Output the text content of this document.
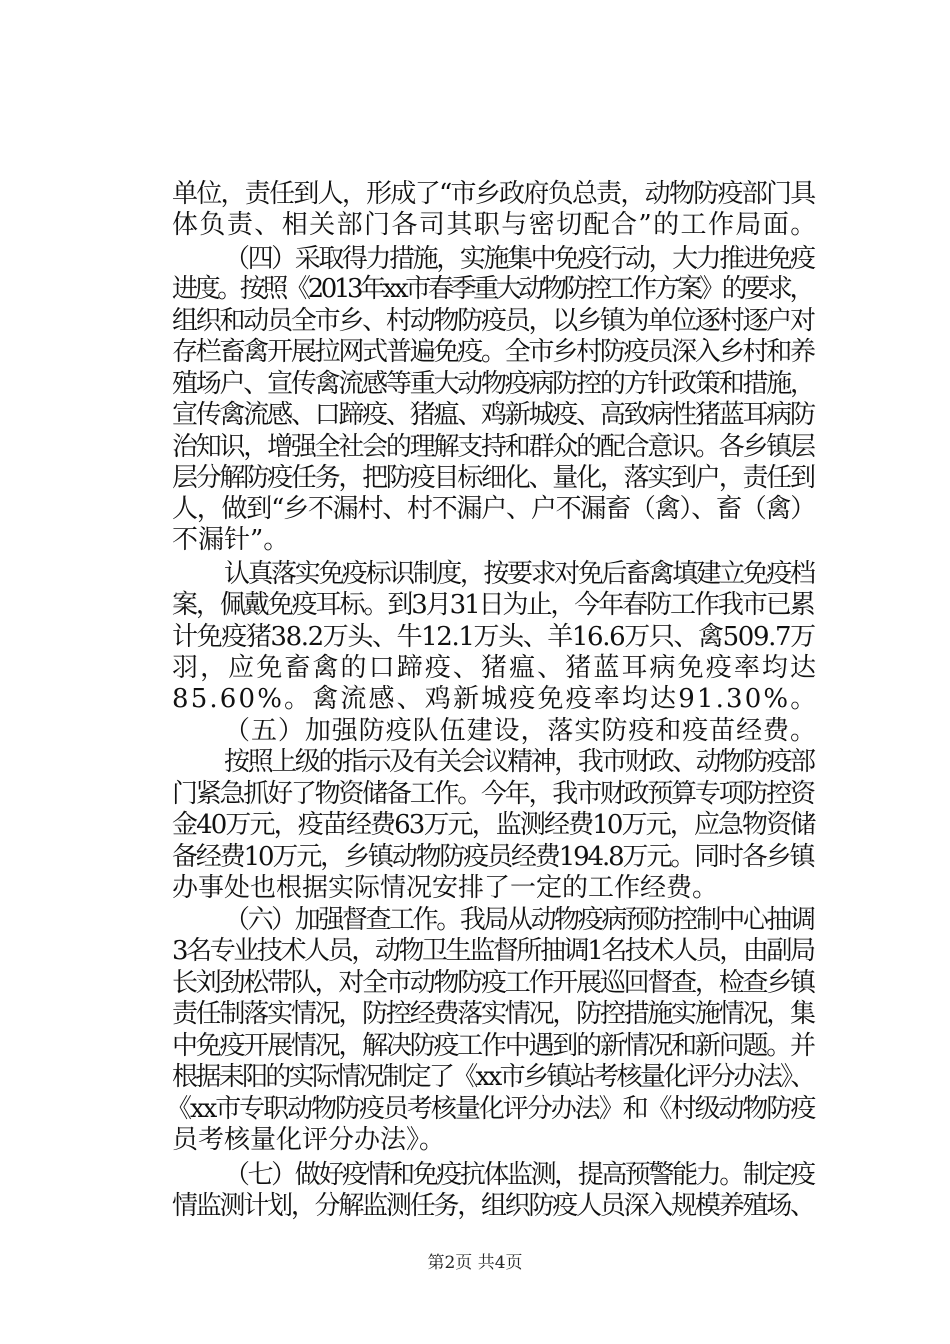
单位，责任到人，形成了“市乡政府负总责，动物防疫部门具
体负责、相关部门各司其职与密切配合”的工作局面。
（四）采取得力措施，实施集中免疫行动，大力推进免疫
进度。按照《2013年xx市春季重大动物防控工作方案》的要求，
组织和动员全市乡、村动物防疫员，以乡镇为单位逐村逐户对
存栏畜禽开展拉网式普遍免疫。全市乡村防疫员深入乡村和养
殖场户、宣传禽流感等重大动物疫病防控的方针政策和措施，
宣传禽流感、口蹄疫、猪瘟、鸡新城疫、高致病性猪蓝耳病防
治知识，增强全社会的理解支持和群众的配合意识。各乡镇层
层分解防疫任务，把防疫目标细化、量化，落实到户，责任到
人，做到“乡不漏村、村不漏户、户不漏畜（禽）、畜（禽）
不漏针”。
认真落实免疫标识制度，按要求对免后畜禽填建立免疫档
案，佩戴免疫耳标。到3月31日为止，今年春防工作我市已累
计免疫猪38.2万头、牛12.1万头、羊16.6万只、禽509.7万
羽，应免畜禽的口蹄疫、猪瘟、猪蓝耳病免疫率均达
85.60%。禽流感、鸡新城疫免疫率均达91.30%。
（五）加强防疫队伍建设，落实防疫和疫苗经费。
按照上级的指示及有关会议精神，我市财政、动物防疫部
门紧急抓好了物资储备工作。今年，我市财政预算专项防控资
金40万元，疫苗经费63万元，监测经费10万元，应急物资储
备经费10万元，乡镇动物防疫员经费194.8万元。同时各乡镇
办事处也根据实际情况安排了一定的工作经费。
（六）加强督查工作。我局从动物疫病预防控制中心抽调
3名专业技术人员，动物卫生监督所抽调1名技术人员，由副局
长刘劲松带队，对全市动物防疫工作开展巡回督查，检查乡镇
责任制落实情况，防控经费落实情况，防控措施实施情况，集
中免疫开展情况，解决防疫工作中遇到的新情况和新问题。并
根据耒阳的实际情况制定了《xx市乡镇站考核量化评分办法》、
《xx市专职动物防疫员考核量化评分办法》和《村级动物防疫
员考核量化评分办法》。
（七）做好疫情和免疫抗体监测，提高预警能力。制定疫
情监测计划，分解监测任务，组织防疫人员深入规模养殖场、
第2页 共4页
